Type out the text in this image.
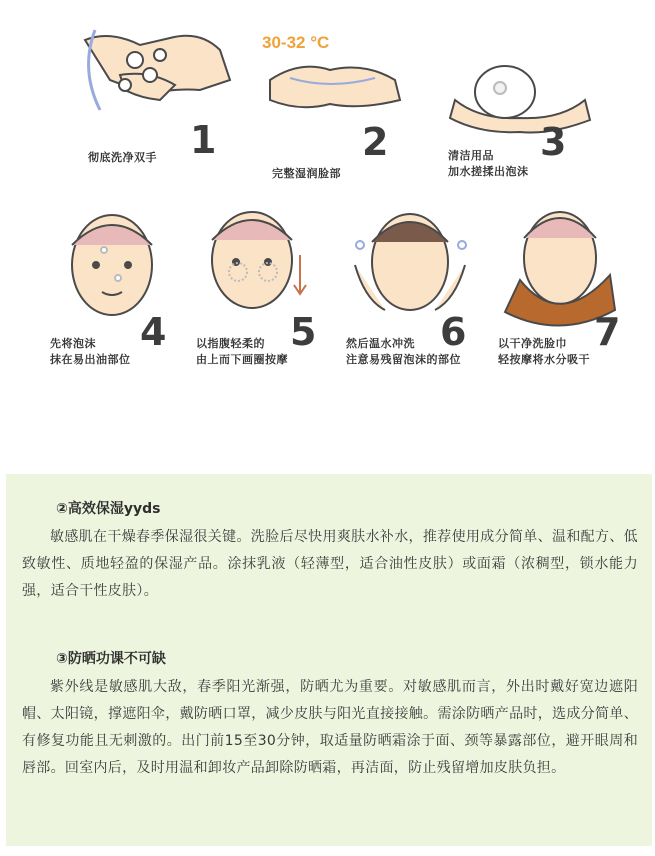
30-32 °C
彻底洗净双手 1
完整湿润脸部
2	清洁用品
加水搓揉出泡沫
3
先将泡沫
抹在易出油部位
4	以指腹轻柔的
由上而下画圈按摩
5	然后温水冲洗
注意易残留泡沫的部位
6	以干净洗脸巾
轻按摩将水分吸干
7
②高效保湿yyds
敏感肌在干燥春季保湿很关键。洗脸后尽快用爽肤水补水，推荐使用成分简单、温和配方、低致敏性、质地轻盈的保湿产品。涂抹乳液（轻薄型，适合油性皮肤）或面霜（浓稠型，锁水能力强，适合干性皮肤）。
③防晒功课不可缺
紫外线是敏感肌大敌，春季阳光渐强，防晒尤为重要。对敏感肌而言，外出时戴好宽边遮阳帽、太阳镜，撑遮阳伞，戴防晒口罩，减少皮肤与阳光直接接触。需涂防晒产品时，选成分简单、有修复功能且无刺激的。出门前15至30分钟，取适量防晒霜涂于面、颈等暴露部位，避开眼周和唇部。回室内后，及时用温和卸妆产品卸除防晒霜，再洁面，防止残留增加皮肤负担。
